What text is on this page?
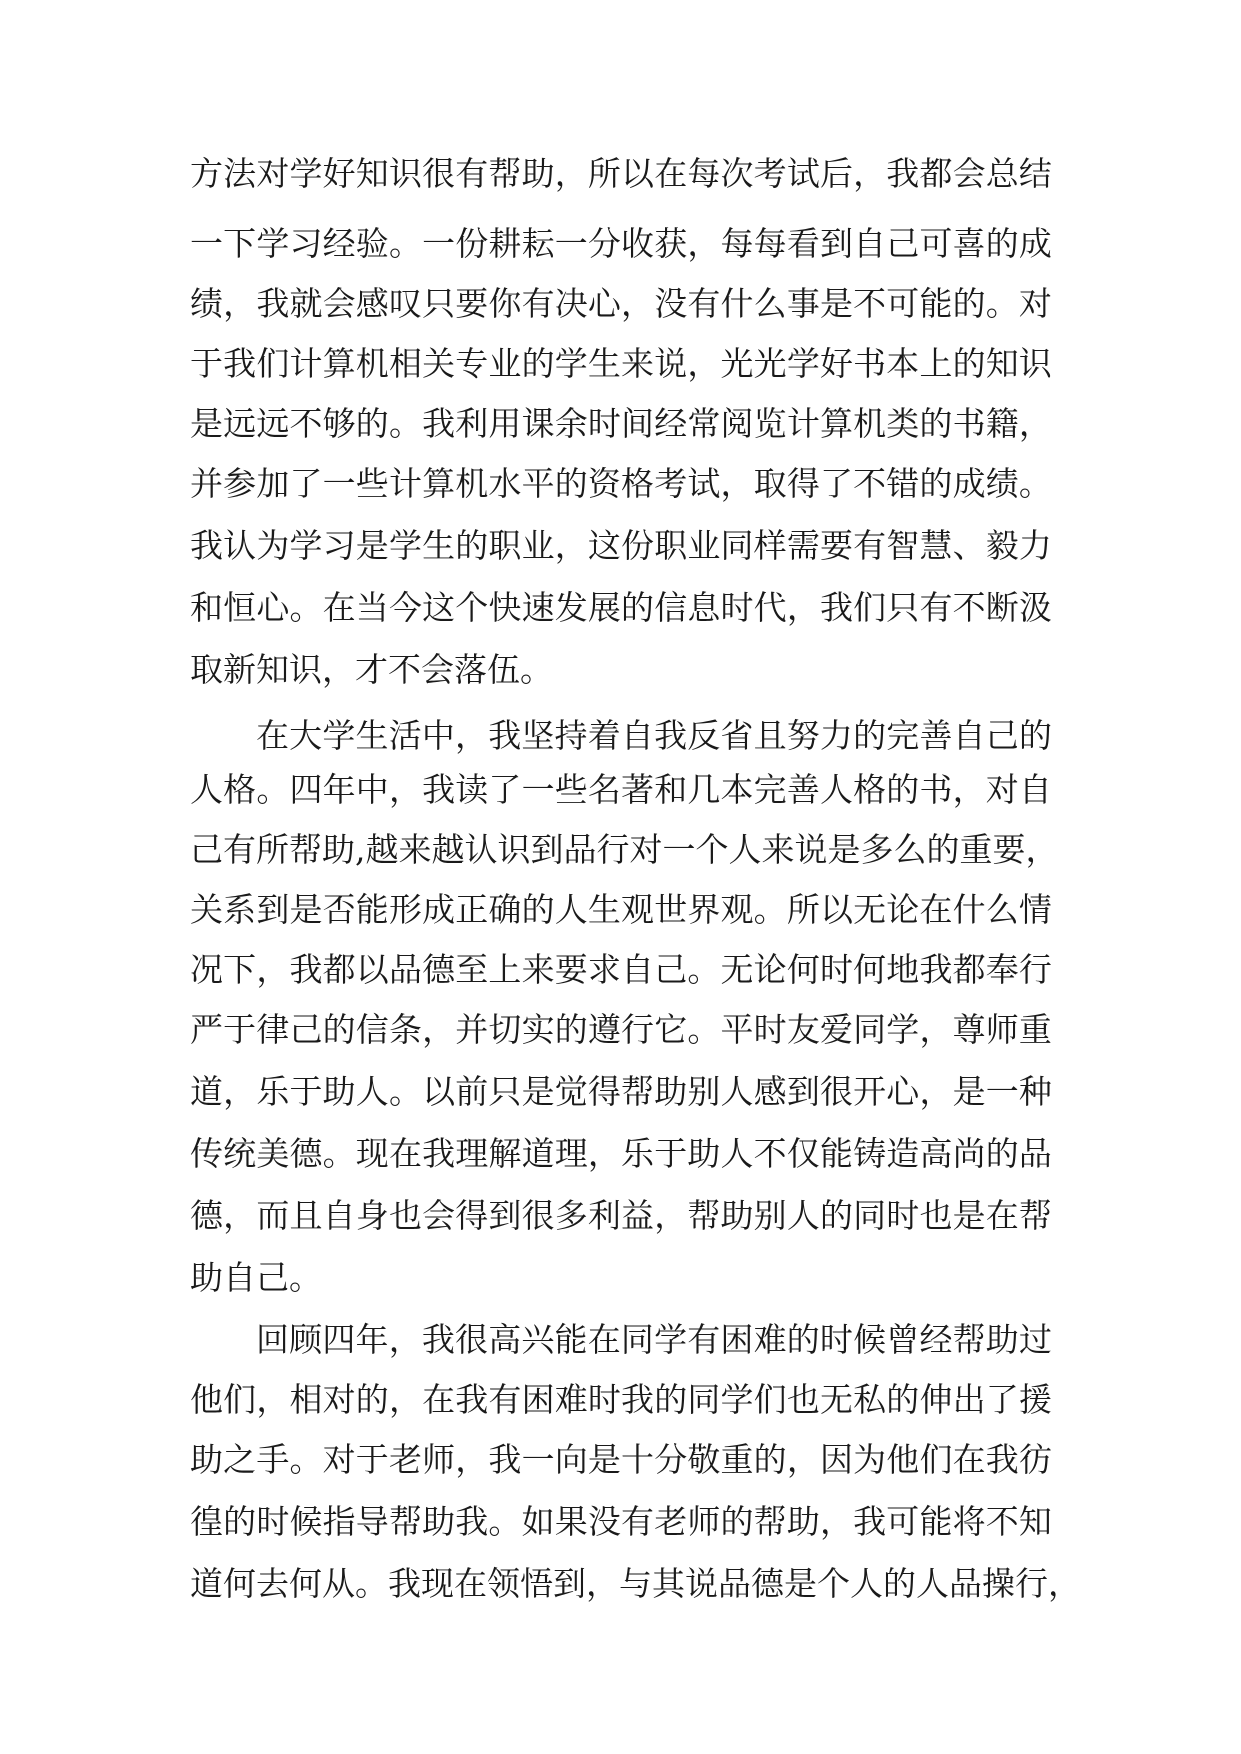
方 法 对 学 好 知 识 很 有 帮 助 ， 所 以 在 每 次 考 试 后 ， 我 都 会 总 结
一 下 学 习 经 验 。 一 份 耕 耘 一 分 收 获 ， 每 每 看 到 自 己 可 喜 的 成
绩 ， 我 就 会 感 叹 只 要 你 有 决 心 ， 没 有 什 么 事 是 不 可 能 的 。 对
于 我 们 计 算 机 相 关 专 业 的 学 生 来 说 ， 光 光 学 好 书 本 上 的 知 识
是 远 远 不 够 的 。 我 利 用 课 余 时 间 经 常 阅 览 计 算 机 类 的 书 籍 ，
并 参 加 了 一 些 计 算 机 水 平 的 资 格 考 试 ， 取 得 了 不 错 的 成 绩 。
我 认 为 学 习 是 学 生 的 职 业 ， 这 份 职 业 同 样 需 要 有 智 慧 、 毅 力
和 恒 心 。 在 当 今 这 个 快 速 发 展 的 信 息 时 代 ， 我 们 只 有 不 断 汲
取新知识，才不会落伍。
在 大 学 生 活 中 ， 我 坚 持 着 自 我 反 省 且 努 力 的 完 善 自 己 的
人 格 。 四 年 中 ， 我 读 了 一 些 名 著 和 几 本 完 善 人 格 的 书 ， 对 自
己 有 所 帮 助 , 越 来 越 认 识 到 品 行 对 一 个 人 来 说 是 多 么 的 重 要 ，
关 系 到 是 否 能 形 成 正 确 的 人 生 观 世 界 观 。 所 以 无 论 在 什 么 情
况 下 ， 我 都 以 品 德 至 上 来 要 求 自 己 。 无 论 何 时 何 地 我 都 奉 行
严 于 律 己 的 信 条 ， 并 切 实 的 遵 行 它 。 平 时 友 爱 同 学 ， 尊 师 重
道 ， 乐 于 助 人 。 以 前 只 是 觉 得 帮 助 别 人 感 到 很 开 心 ， 是 一 种
传 统 美 德 。 现 在 我 理 解 道 理 ， 乐 于 助 人 不 仅 能 铸 造 高 尚 的 品
德 ， 而 且 自 身 也 会 得 到 很 多 利 益 ， 帮 助 别 人 的 同 时 也 是 在 帮
助自己。
回 顾 四 年 ， 我 很 高 兴 能 在 同 学 有 困 难 的 时 候 曾 经 帮 助 过
他 们 ， 相 对 的 ， 在 我 有 困 难 时 我 的 同 学 们 也 无 私 的 伸 出 了 援
助 之 手 。 对 于 老 师 ， 我 一 向 是 十 分 敬 重 的 ， 因 为 他 们 在 我 彷
徨 的 时 候 指 导 帮 助 我 。 如 果 没 有 老 师 的 帮 助 ， 我 可 能 将 不 知
道 何 去 何 从 。 我 现 在 领 悟 到 ， 与 其 说 品 德 是 个 人 的 人 品 操 行 ，
